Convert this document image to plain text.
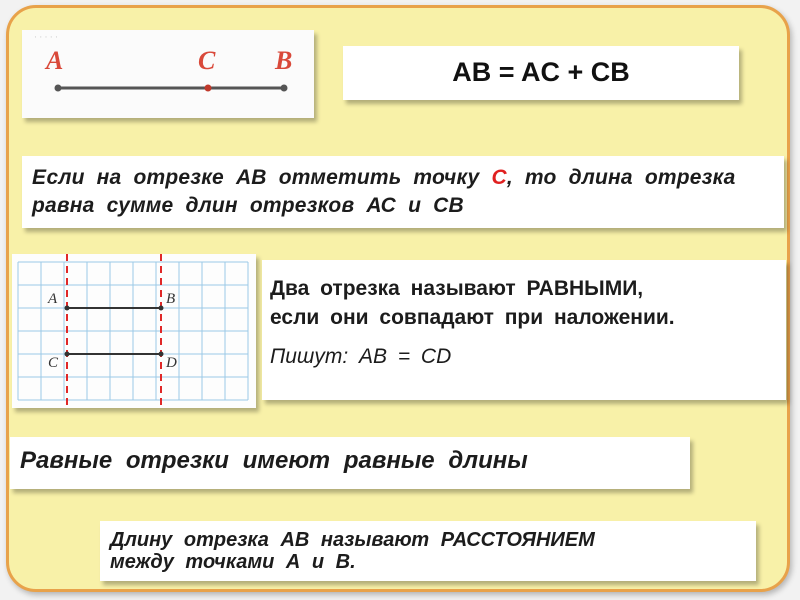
· · · · ·
A	C B	AB = AC + CB

Если на отрезке АВ отметить точку С, то длина отрезка равна сумме длин отрезков АС и СВ

A	B
C	D

Два отрезка называют РАВНЫМИ,

если они совпадают при наложении.

Пишут: AB = CD

Равные отрезки имеют равные длины

Длину отрезка АВ называют РАССТОЯНИЕМ

между точками А и В.
